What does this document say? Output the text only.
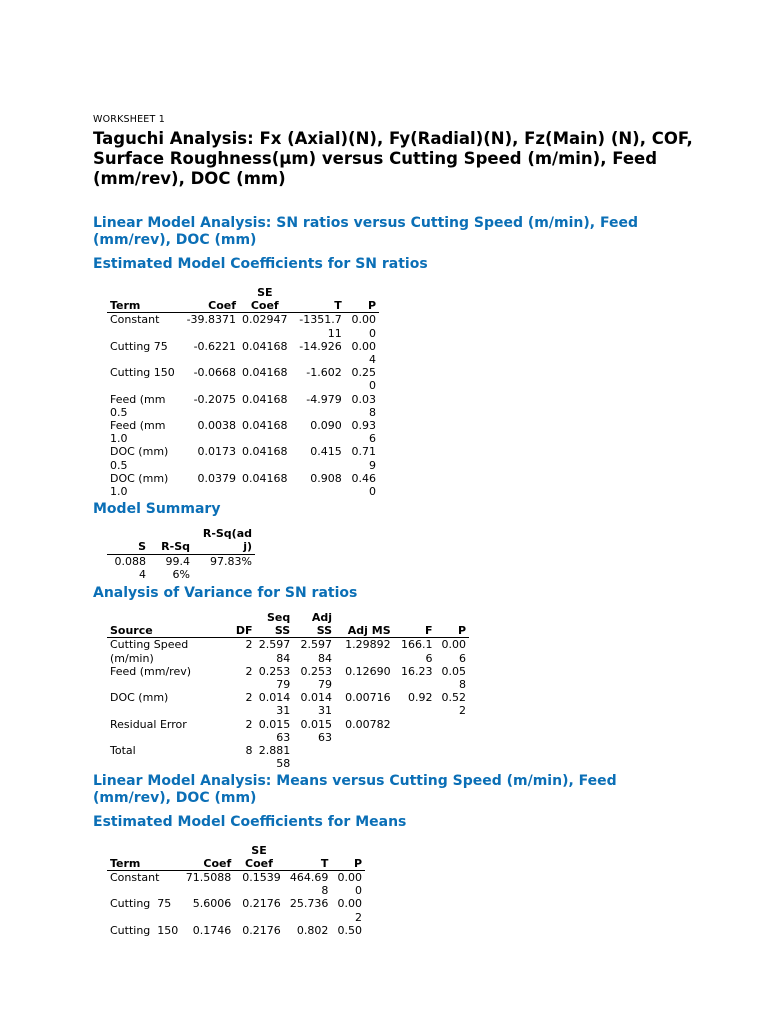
WORKSHEET 1
Taguchi Analysis: Fx (Axial)(N), Fy(Radial)(N), Fz(Main) (N), COF, Surface Roughness(μm) versus Cutting Speed (m/min), Feed (mm/rev), DOC (mm)
Linear Model Analysis: SN ratios versus Cutting Speed (m/min), Feed (mm/rev), DOC (mm)
Estimated Model Coefficients for SN ratios
Term	Coef	SE Coef	T	P
Constant	-39.8371	0.02947	-1351.711	0.000
Cutting 75	-0.6221	0.04168	-14.926	0.004
Cutting 150	-0.0668	0.04168	-1.602	0.250
Feed (mm 0.5	-0.2075	0.04168	-4.979	0.038
Feed (mm 1.0	0.0038	0.04168	0.090	0.936
DOC (mm) 0.5	0.0173	0.04168	0.415	0.719
DOC (mm) 1.0	0.0379	0.04168	0.908	0.460
Model Summary
S	R-Sq	R-Sq(adj)
0.0884	99.46%	97.83%
Analysis of Variance for SN ratios
Source	DF	Seq SS	Adj SS	Adj MS	F	P
Cutting Speed (m/min)	2	2.59784	2.59784	1.29892	166.16	0.006
Feed (mm/rev)	2	0.25379	0.25379	0.12690	16.23	0.058
DOC (mm)	2	0.01431	0.01431	0.00716	0.92	0.522
Residual Error	2	0.01563	0.01563	0.00782		
Total	8	2.88158				
Linear Model Analysis: Means versus Cutting Speed (m/min), Feed (mm/rev), DOC (mm)
Estimated Model Coefficients for Means
Term	Coef	SE Coef	T	P
Constant	71.5088	0.1539	464.698	0.000
Cutting  75	5.6006	0.2176	25.736	0.002
Cutting  150	0.1746	0.2176	0.802	0.50
